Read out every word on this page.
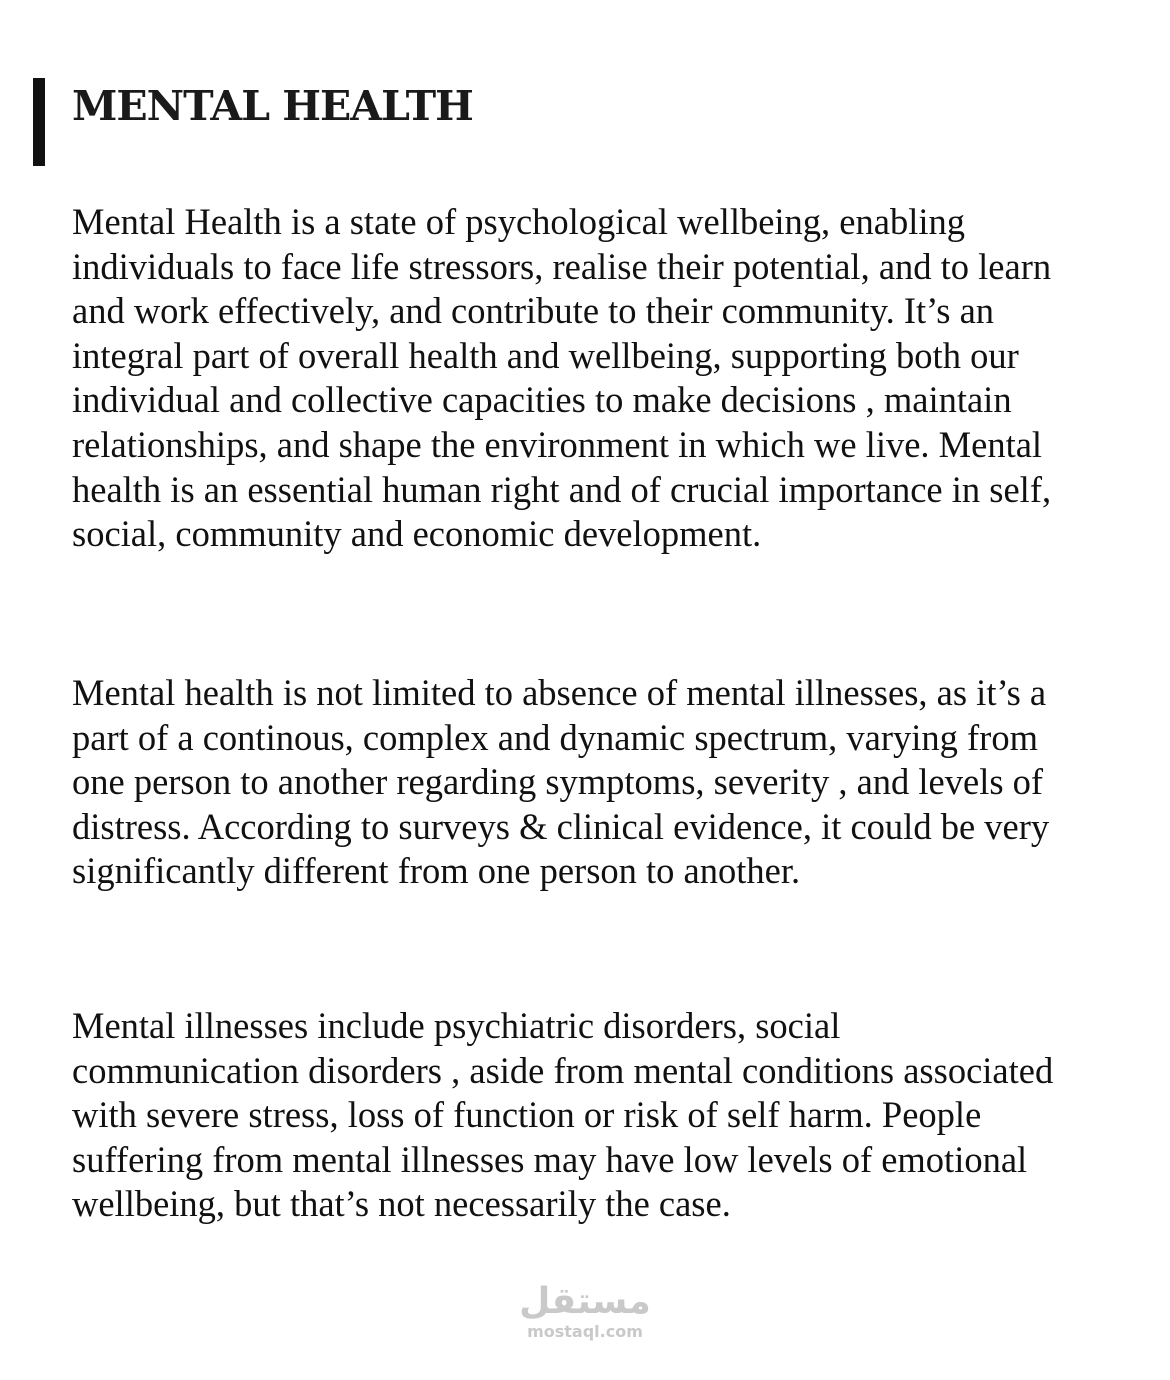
MENTAL HEALTH

Mental Health is a state of psychological wellbeing, enabling
individuals to face life stressors, realise their potential, and to learn
and work effectively, and contribute to their community. It’s an
integral part of overall health and wellbeing, supporting both our
individual and collective capacities to make decisions , maintain
relationships, and shape the environment in which we live. Mental
health is an essential human right and of crucial importance in self,
social, community and economic development.

Mental health is not limited to absence of mental illnesses, as it’s a
part of a continous, complex and dynamic spectrum, varying from
one person to another regarding symptoms, severity , and levels of
distress. According to surveys & clinical evidence, it could be very
significantly different from one person to another.

Mental illnesses include psychiatric disorders, social
communication disorders , aside from mental conditions associated
with severe stress, loss of function or risk of self harm. People
suffering from mental illnesses may have low levels of emotional
wellbeing, but that’s not necessarily the case.

مستقل
mostaql.com
